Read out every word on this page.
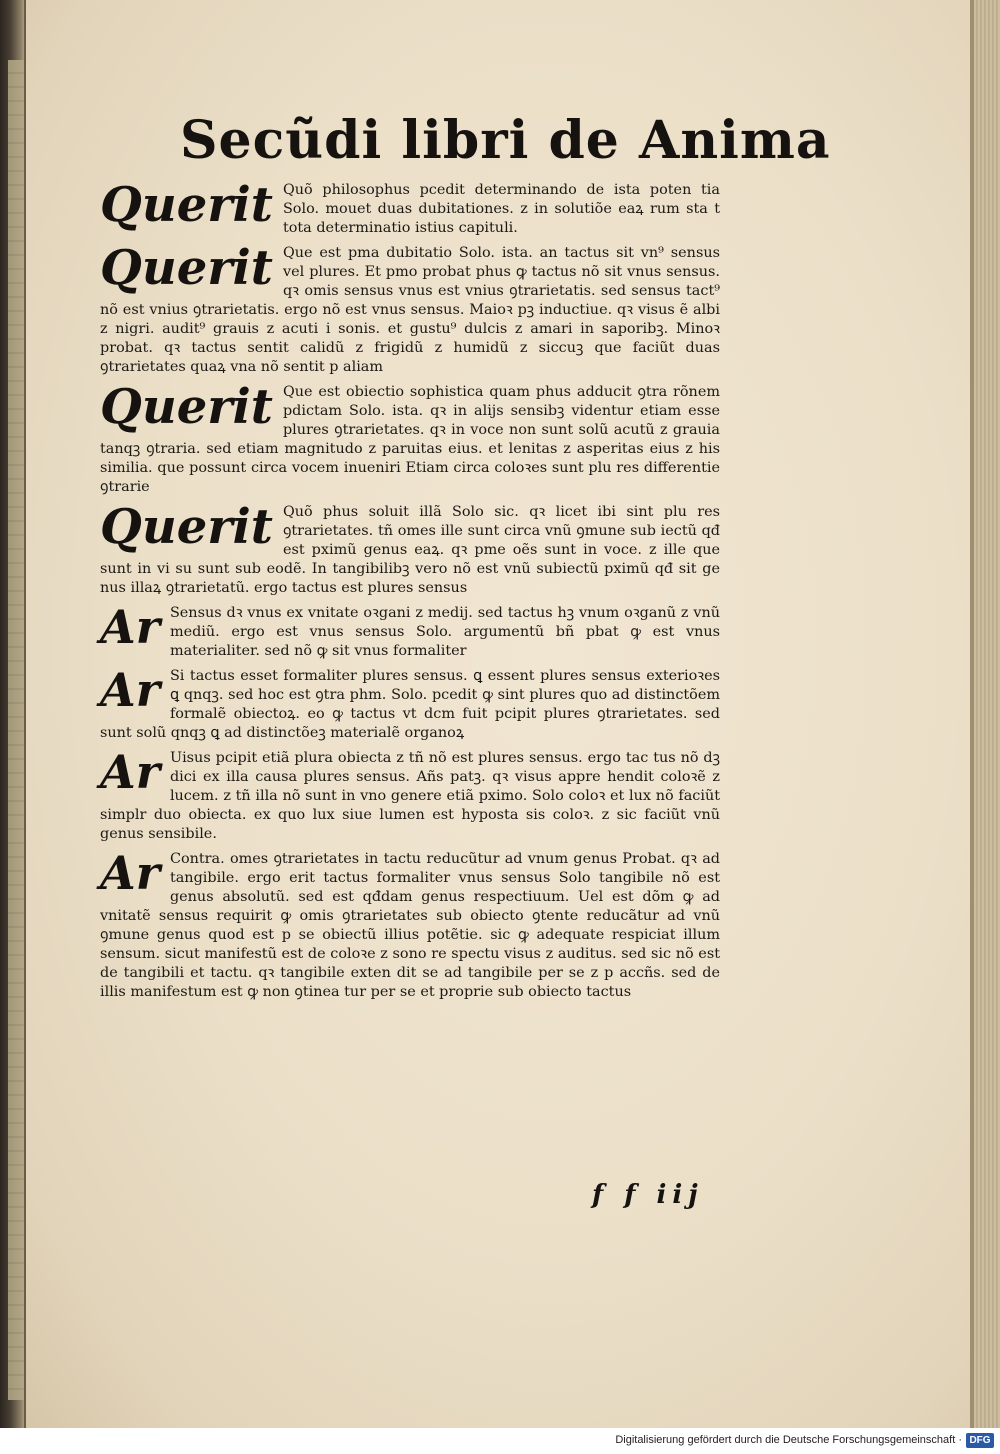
Secũdi libri de Anima
Querit Quõ philosophus pcedit determinando de ista poten tia Solo. mouet duas dubitationes. z in solutiõe eaꝝ rum sta t tota determinatio istius capituli.

Querit Que est pma dubitatio Solo. ista. an tactus sit vn⁹ sensus vel plures. Et pmo probat phus ꝙ tactus nõ sit vnus sensus. qꝛ omis sensus vnus est vnius ꝯtrarietatis. sed sensus tact⁹ nõ est vnius ꝯtrarietatis. ergo nõ est vnus sensus. Maioꝛ pꝫ inductiue. qꝛ visus ẽ albi z nigri. audit⁹ grauis z acuti i sonis. et gustu⁹ dulcis z amari in saporibꝫ. Minoꝛ probat. qꝛ tactus sentit calidũ z frigidũ z humidũ z siccuꝫ que faciũt duas ꝯtrarietates quaꝝ vna nõ sentit p aliam

Querit Que est obiectio sophistica quam phus adducit ꝯtra rõnem pdictam Solo. ista. qꝛ in alijs sensibꝫ videntur etiam esse plures ꝯtrarietates. qꝛ in voce non sunt solũ acutũ z grauia tanqꝫ ꝯtraria. sed etiam magnitudo z paruitas eius. et lenitas z asperitas eius z his similia. que possunt circa vocem inueniri Etiam circa coloꝛes sunt plu res differentie ꝯtrarie

Querit Quõ phus soluit illã Solo sic. qꝛ licet ibi sint plu res ꝯtrarietates. tñ omes ille sunt circa vnũ ꝯmune sub iectũ qđ est pximũ genus eaꝝ. qꝛ pme oẽs sunt in voce. z ille que sunt in vi su sunt sub eodẽ. In tangibilibꝫ vero nõ est vnũ subiectũ pximũ qđ sit ge nus illaꝝ ꝯtrarietatũ. ergo tactus est plures sensus

Ar Sensus dꝛ vnus ex vnitate oꝛgani z medij. sed tactus hꝫ vnum oꝛganũ z vnũ mediũ. ergo est vnus sensus Solo. argumentũ bñ pbat ꝙ est vnus materialiter. sed nõ ꝙ sit vnus formaliter

Ar Si tactus esset formaliter plures sensus. ꝗ essent plures sensus exterioꝛes ꝗ qnqꝫ. sed hoc est ꝯtra phm. Solo. pcedit ꝙ sint plures quo ad distinctõem formalẽ obiectoꝝ. eo ꝙ tactus vt dcm fuit pcipit plures ꝯtrarietates. sed sunt solũ qnqꝫ ꝗ ad distinctõeꝫ materialẽ organoꝝ

Ar Uisus pcipit etiã plura obiecta z tñ nõ est plures sensus. ergo tac tus nõ dꝫ dici ex illa causa plures sensus. Añs patꝫ. qꝛ visus appre hendit coloꝛẽ z lucem. z tñ illa nõ sunt in vno genere etiã pximo. Solo coloꝛ et lux nõ faciũt simplr duo obiecta. ex quo lux siue lumen est hyposta sis coloꝛ. z sic faciũt vnũ genus sensibile.

Ar Contra. omes ꝯtrarietates in tactu reducũtur ad vnum genus Probat. qꝛ ad tangibile. ergo erit tactus formaliter vnus sensus Solo tangibile nõ est genus absolutũ. sed est qđdam genus respectiuum. Uel est dõm ꝙ ad vnitatẽ sensus requirit ꝙ omis ꝯtrarietates sub obiecto ꝯtente reducãtur ad vnũ ꝯmune genus quod est p se obiectũ illius potẽtie. sic ꝙ adequate respiciat illum sensum. sicut manifestũ est de coloꝛe z sono re spectu visus z auditus. sed sic nõ est de tangibili et tactu. qꝛ tangibile exten dit se ad tangibile per se z p accñs. sed de illis manifestum est ꝙ non ꝯtinea tur per se et proprie sub obiecto tactus

f f iij
Digitalisierung gefördert durch die Deutsche Forschungsgemeinschaft · DFG
